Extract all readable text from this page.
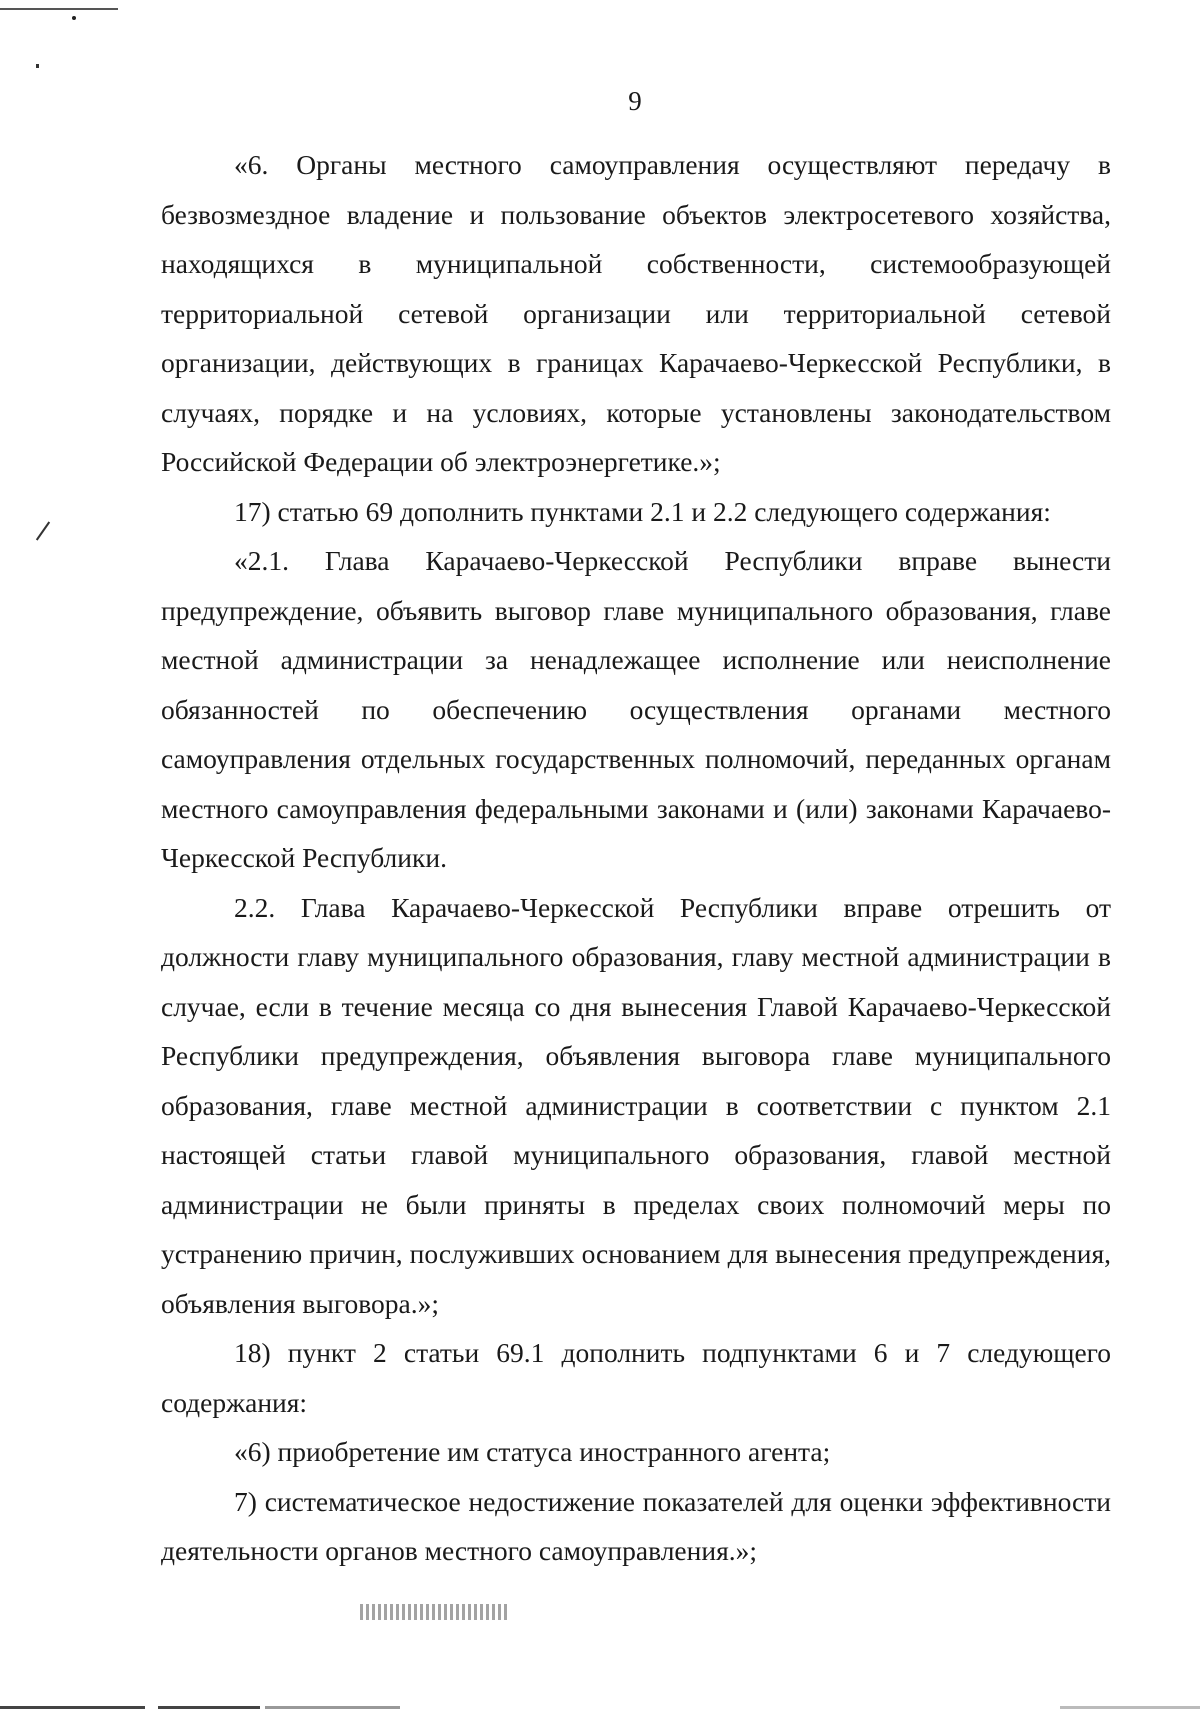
9

«6. Органы местного самоуправления осуществляют передачу в безвозмездное владение и пользование объектов электросетевого хозяйства, находящихся в муниципальной собственности, системообразующей территориальной сетевой организации или территориальной сетевой организации, действующих в границах Карачаево-Черкесской Республики, в случаях, порядке и на условиях, которые установлены законодательством Российской Федерации об электроэнергетике.»;

17) статью 69 дополнить пунктами 2.1 и 2.2 следующего содержания:

«2.1. Глава Карачаево-Черкесской Республики вправе вынести предупреждение, объявить выговор главе муниципального образования, главе местной администрации за ненадлежащее исполнение или неисполнение обязанностей по обеспечению осуществления органами местного самоуправления отдельных государственных полномочий, переданных органам местного самоуправления федеральными законами и (или) законами Карачаево-Черкесской Республики.

2.2. Глава Карачаево-Черкесской Республики вправе отрешить от должности главу муниципального образования, главу местной администрации в случае, если в течение месяца со дня вынесения Главой Карачаево-Черкесской Республики предупреждения, объявления выговора главе муниципального образования, главе местной администрации в соответствии с пунктом 2.1 настоящей статьи главой муниципального образования, главой местной администрации не были приняты в пределах своих полномочий меры по устранению причин, послуживших основанием для вынесения предупреждения, объявления выговора.»;

18) пункт 2 статьи 69.1 дополнить подпунктами 6 и 7 следующего содержания:

«6) приобретение им статуса иностранного агента;

7) систематическое недостижение показателей для оценки эффективности деятельности органов местного самоуправления.»;
